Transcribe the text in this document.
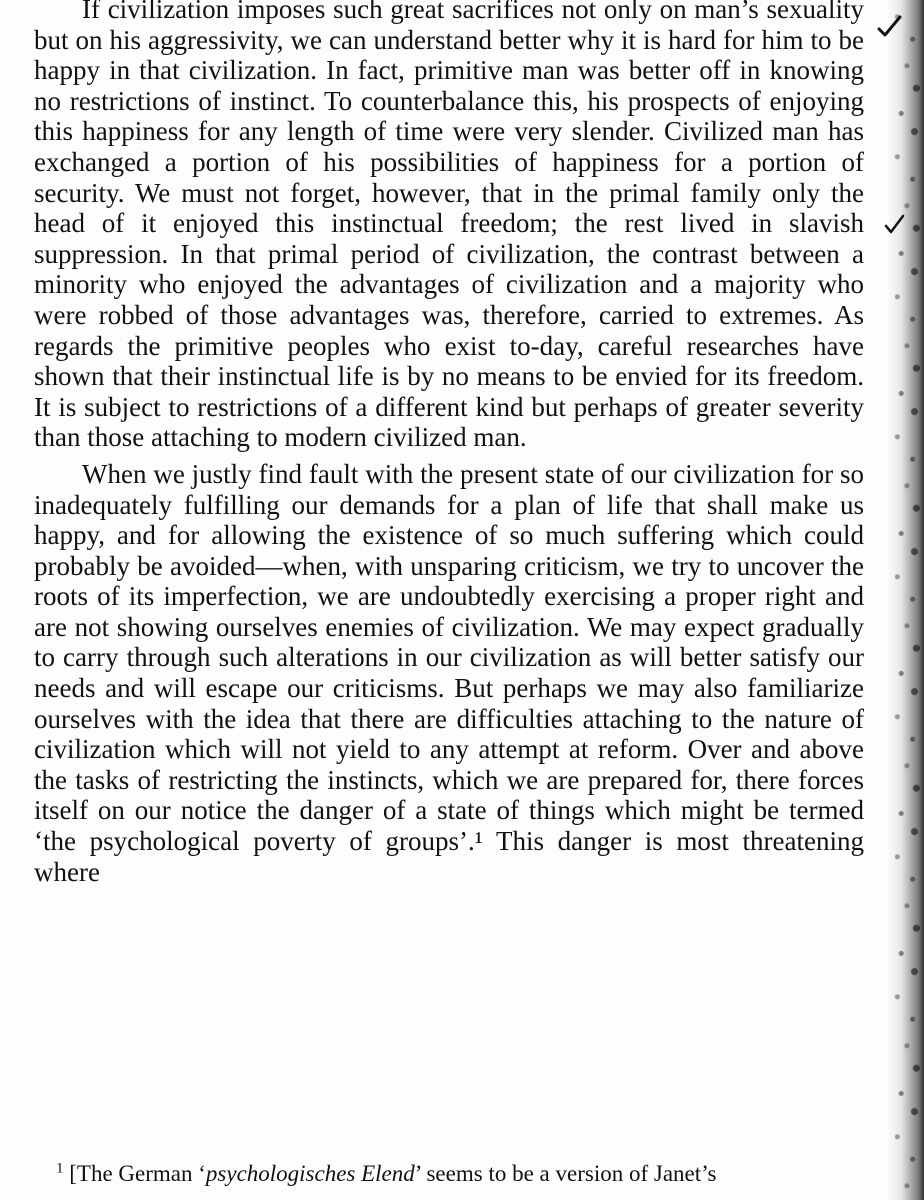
If civilization imposes such great sacrifices not only on man’s sexuality but on his aggressivity, we can understand better why it is hard for him to be happy in that civilization. In fact, primitive man was better off in knowing no restrictions of instinct. To counterbalance this, his prospects of enjoying this happiness for any length of time were very slender. Civilized man has exchanged a portion of his possibilities of happiness for a portion of security. We must not forget, however, that in the primal family only the head of it enjoyed this instinctual freedom; the rest lived in slavish suppression. In that primal period of civilization, the contrast between a minority who enjoyed the advantages of civilization and a majority who were robbed of those advantages was, therefore, carried to extremes. As regards the primitive peoples who exist to-day, careful researches have shown that their instinctual life is by no means to be envied for its freedom. It is subject to restrictions of a different kind but perhaps of greater severity than those attaching to modern civilized man.

When we justly find fault with the present state of our civilization for so inadequately fulfilling our demands for a plan of life that shall make us happy, and for allowing the existence of so much suffering which could probably be avoided—when, with unsparing criticism, we try to uncover the roots of its imperfection, we are undoubtedly exercising a proper right and are not showing ourselves enemies of civilization. We may expect gradually to carry through such alterations in our civilization as will better satisfy our needs and will escape our criticisms. But perhaps we may also familiarize ourselves with the idea that there are difficulties attaching to the nature of civilization which will not yield to any attempt at reform. Over and above the tasks of restricting the instincts, which we are prepared for, there forces itself on our notice the danger of a state of things which might be termed ‘the psychological poverty of groups’.¹ This danger is most threatening where

$^1$ [The German ‘psychologisches Elend’ seems to be a version of Janet’s
